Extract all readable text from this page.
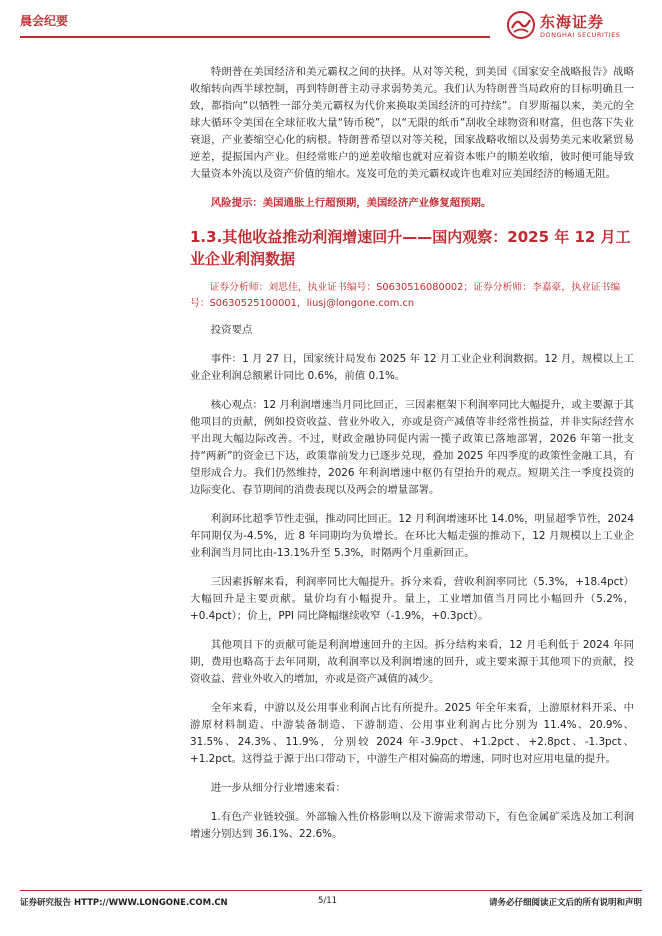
晨会纪要	东海证券
DONGHAI SECURITIES

特朗普在美国经济和美元霸权之间的抉择。从对等关税，到美国《国家安全战略报告》战略收缩转向西半球控制，再到特朗普主动寻求弱势美元。我们认为特朗普当局政府的目标明确且一致，都指向“以牺牲一部分美元霸权为代价来换取美国经济的可持续”。自罗斯福以来，美元的全球大循环令美国在全球征收大量“铸币税”，以“无限的纸币”刮收全球物资和财富，但也落下失业衰退，产业萎缩空心化的病根。特朗普希望以对等关税，国家战略收缩以及弱势美元来收紧贸易逆差，提振国内产业。但经常账户的逆差收缩也就对应着资本账户的顺差收缩，彼时便可能导致大量资本外流以及资产价值的缩水。岌岌可危的美元霸权或许也难对应美国经济的畅通无阻。

风险提示：美国通胀上行超预期，美国经济产业修复超预期。

1.3.其他收益推动利润增速回升——国内观察：2025 年 12 月工业企业利润数据

证券分析师：刘思佳，执业证书编号：S0630516080002；证券分析师：李嘉豪，执业证书编号：S0630525100001，liusj@longone.com.cn

投资要点

事件：1 月 27 日，国家统计局发布 2025 年 12 月工业企业利润数据。12 月，规模以上工业企业利润总额累计同比 0.6%，前值 0.1%。

核心观点：12 月利润增速当月同比回正，三因素框架下利润率同比大幅提升，或主要源于其他项目的贡献，例如投资收益、营业外收入，亦或是资产减值等非经常性损益，并非实际经营水平出现大幅边际改善。不过，财政金融协同促内需一揽子政策已落地部署，2026 年第一批支持“两新”的资金已下达，政策靠前发力已逐步兑现，叠加 2025 年四季度的政策性金融工具，有望形成合力。我们仍然维持，2026 年利润增速中枢仍有望抬升的观点。短期关注一季度投资的边际变化、春节期间的消费表现以及两会的增量部署。

利润环比超季节性走强，推动同比回正。12 月利润增速环比 14.0%，明显超季节性，2024 年同期仅为-4.5%，近 8 年同期均为负增长。在环比大幅走强的推动下，12 月规模以上工业企业利润当月同比由-13.1%升至 5.3%，时隔两个月重新回正。

三因素拆解来看，利润率同比大幅提升。拆分来看，营收利润率同比（5.3%，+18.4pct）大幅回升是主要贡献。量价均有小幅提升。量上，工业增加值当月同比小幅回升（5.2%，+0.4pct）；价上，PPI 同比降幅继续收窄（-1.9%，+0.3pct）。

其他项目下的贡献可能是利润增速回升的主因。拆分结构来看，12 月毛利低于 2024 年同期，费用也略高于去年同期，故利润率以及利润增速的回升，或主要来源于其他项下的贡献，投资收益、营业外收入的增加，亦或是资产减值的减少。

全年来看，中游以及公用事业利润占比有所提升。2025 年全年来看，上游原材料开采、中游原材料制造、中游装备制造、下游制造、公用事业利润占比分别为 11.4%、20.9%、31.5%、24.3%、11.9%，分别较 2024 年-3.9pct、+1.2pct、+2.8pct、-1.3pct、+1.2pct。这得益于源于出口带动下，中游生产相对偏高的增速，同时也对应用电量的提升。

进一步从细分行业增速来看：

1.有色产业链较强。外部输入性价格影响以及下游需求带动下，有色金属矿采选及加工利润增速分别达到 36.1%、22.6%。

证券研究报告 HTTP://WWW.LONGONE.COM.CN	5/11	请务必仔细阅读正文后的所有说明和声明
